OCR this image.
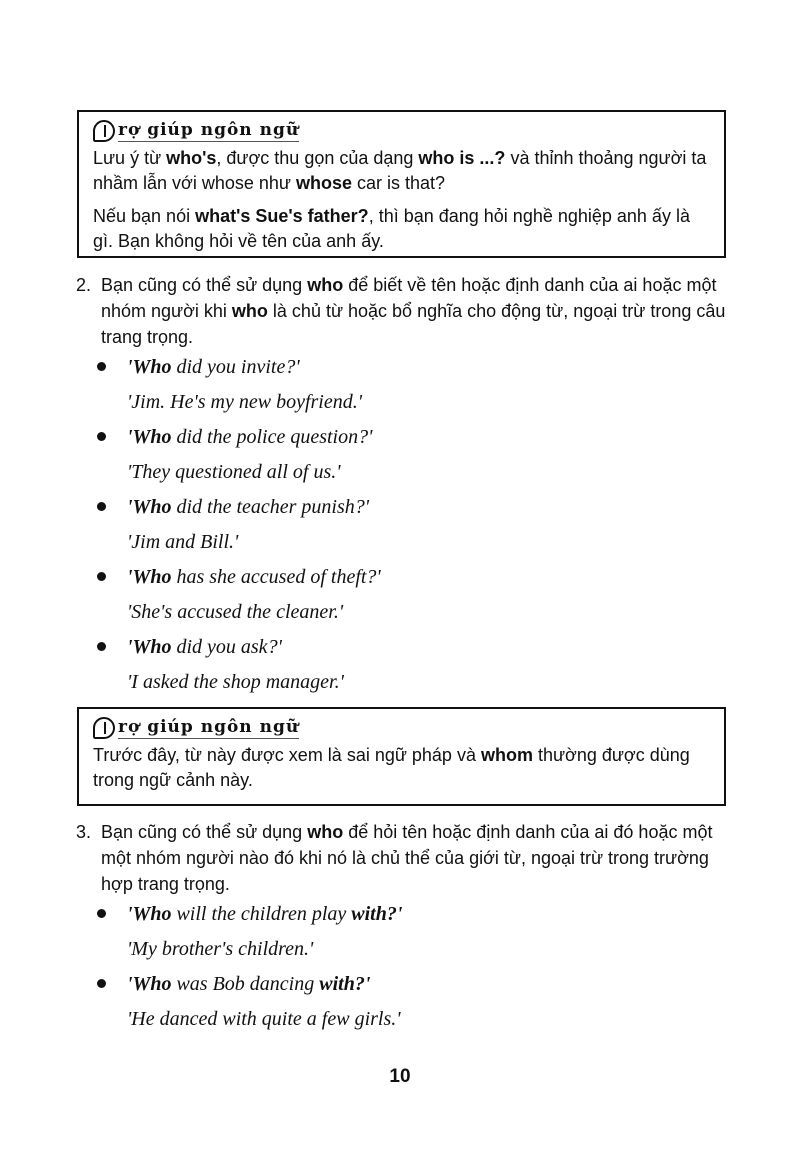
rợ giúp ngôn ngữ

Lưu ý từ who's, được thu gọn của dạng who is ...? và thỉnh thoảng người ta nhầm lẫn với whose như whose car is that?

Nếu bạn nói what's Sue's father?, thì bạn đang hỏi nghề nghiệp anh ấy là gì. Bạn không hỏi về tên của anh ấy.

2. Bạn cũng có thể sử dụng who để biết về tên hoặc định danh của ai hoặc một nhóm người khi who là chủ từ hoặc bổ nghĩa cho động từ, ngoại trừ trong câu trang trọng.
'Who did you invite?'
'Jim. He's my new boyfriend.'
'Who did the police question?'
'They questioned all of us.'
'Who did the teacher punish?'
'Jim and Bill.'
'Who has she accused of theft?'
'She's accused the cleaner.'
'Who did you ask?'
'I asked the shop manager.'
rợ giúp ngôn ngữ

Trước đây, từ này được xem là sai ngữ pháp và whom thường được dùng trong ngữ cảnh này.

3. Bạn cũng có thể sử dụng who để hỏi tên hoặc định danh của ai đó hoặc một một nhóm người nào đó khi nó là chủ thể của giới từ, ngoại trừ trong trường hợp trang trọng.
'Who will the children play with?'
'My brother's children.'
'Who was Bob dancing with?'
'He danced with quite a few girls.'
10
